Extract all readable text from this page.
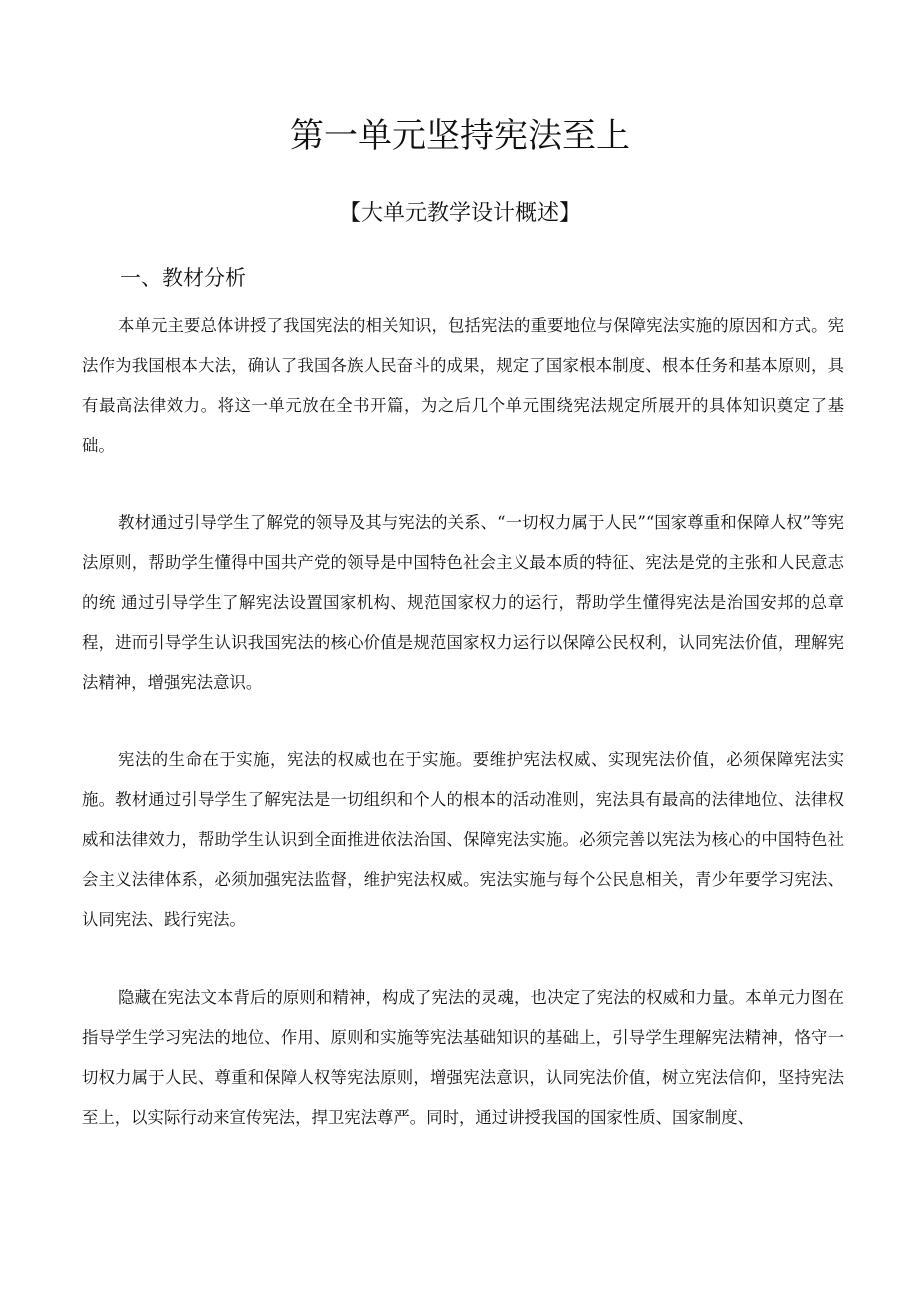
第一单元坚持宪法至上
【大单元教学设计概述】
一、教材分析

本单元主要总体讲授了我国宪法的相关知识，包括宪法的重要地位与保障宪法实施的原因和方式。宪法作为我国根本大法，确认了我国各族人民奋斗的成果，规定了国家根本制度、根本任务和基本原则，具有最高法律效力。将这一单元放在全书开篇，为之后几个单元围绕宪法规定所展开的具体知识奠定了基础。

教材通过引导学生了解党的领导及其与宪法的关系、“一切权力属于人民”“国家尊重和保障人权”等宪法原则，帮助学生懂得中国共产党的领导是中国特色社会主义最本质的特征、宪法是党的主张和人民意志的统 通过引导学生了解宪法设置国家机构、规范国家权力的运行，帮助学生懂得宪法是治国安邦的总章程，进而引导学生认识我国宪法的核心价值是规范国家权力运行以保障公民权利，认同宪法价值，理解宪法精神，增强宪法意识。

宪法的生命在于实施，宪法的权威也在于实施。要维护宪法权威、实现宪法价值，必须保障宪法实施。教材通过引导学生了解宪法是一切组织和个人的根本的活动准则，宪法具有最高的法律地位、法律权威和法律效力，帮助学生认识到全面推进依法治国、保障宪法实施。必须完善以宪法为核心的中国特色社会主义法律体系，必须加强宪法监督，维护宪法权威。宪法实施与每个公民息相关，青少年要学习宪法、认同宪法、践行宪法。

隐藏在宪法文本背后的原则和精神，构成了宪法的灵魂，也决定了宪法的权威和力量。本单元力图在指导学生学习宪法的地位、作用、原则和实施等宪法基础知识的基础上，引导学生理解宪法精神，恪守一切权力属于人民、尊重和保障人权等宪法原则，增强宪法意识，认同宪法价值，树立宪法信仰，坚持宪法至上，以实际行动来宣传宪法，捍卫宪法尊严。同时，通过讲授我国的国家性质、国家制度、
